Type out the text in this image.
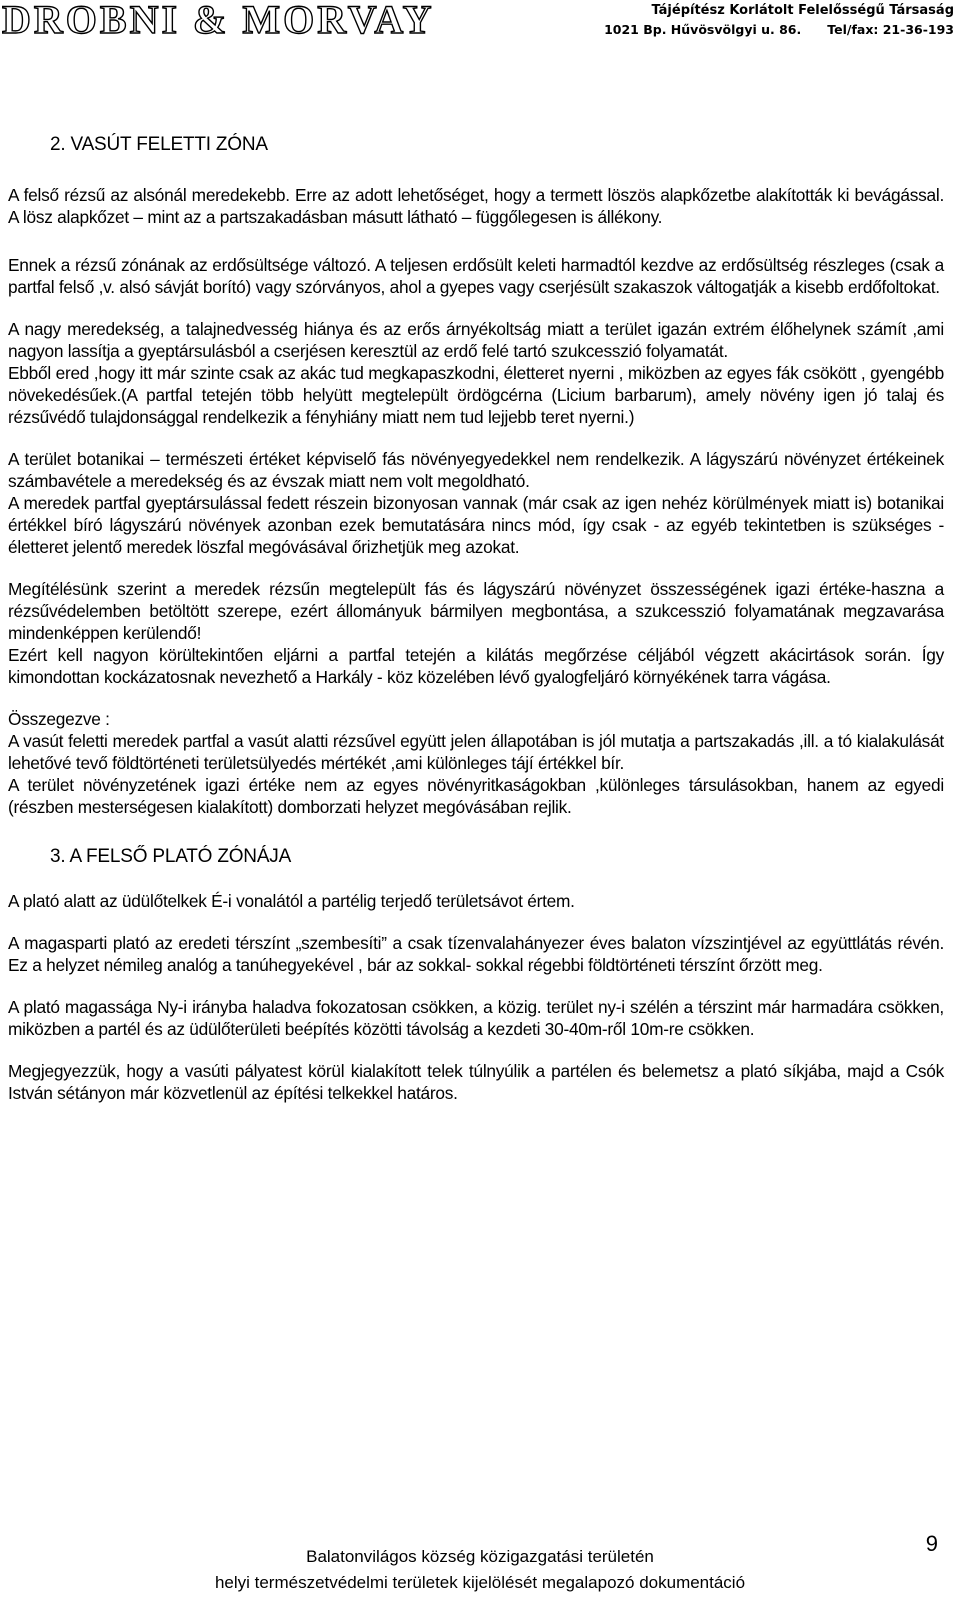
DROBNI & MORVAY	Tájépítész Korlátolt Felelősségű Társaság
1021 Bp. Hűvösvölgyi u. 86. Tel/fax: 21-36-193
2. VASÚT FELETTI ZÓNA

A felső rézsű az alsónál meredekebb. Erre az adott lehetőséget, hogy a termett löszös alapkőzetbe alakították ki bevágással. A lösz alapkőzet – mint az a partszakadásban másutt látható – függőlegesen is állékony.

Ennek a rézsű zónának az erdősültsége változó. A teljesen erdősült keleti harmadtól kezdve az erdősültség részleges (csak a partfal felső ,v. alsó sávját borító) vagy szórványos, ahol a gyepes vagy cserjésült szakaszok váltogatják a kisebb erdőfoltokat.

A nagy meredekség, a talajnedvesség hiánya és az erős árnyékoltság miatt a terület igazán extrém élőhelynek számít ,ami nagyon lassítja a gyeptársulásból a cserjésen keresztül az erdő felé tartó szukcesszió folyamatát.

Ebből ered ,hogy itt már szinte csak az akác tud megkapaszkodni, életteret nyerni , miközben az egyes fák csökött , gyengébb növekedésűek.(A partfal tetején több helyütt megtelepült ördögcérna (Licium barbarum), amely növény igen jó talaj és rézsűvédő tulajdonsággal rendelkezik a fényhiány miatt nem tud lejjebb teret nyerni.)

A terület botanikai – természeti értéket képviselő fás növényegyedekkel nem rendelkezik. A lágyszárú növényzet értékeinek számbavétele a meredekség és az évszak miatt nem volt megoldható.

A meredek partfal gyeptársulással fedett részein bizonyosan vannak (már csak az igen nehéz körülmények miatt is) botanikai értékkel bíró lágyszárú növények azonban ezek bemutatására nincs mód, így csak - az egyéb tekintetben is szükséges - életteret jelentő meredek löszfal megóvásával őrizhetjük meg azokat.

Megítélésünk szerint a meredek rézsűn megtelepült fás és lágyszárú növényzet összességének igazi értéke-haszna a rézsűvédelemben betöltött szerepe, ezért állományuk bármilyen megbontása, a szukcesszió folyamatának megzavarása mindenképpen kerülendő!

Ezért kell nagyon körültekintően eljárni a partfal tetején a kilátás megőrzése céljából végzett akácirtások során. Így kimondottan kockázatosnak nevezhető a Harkály - köz közelében lévő gyalogfeljáró környékének tarra vágása.

Összegezve :

A vasút feletti meredek partfal a vasút alatti rézsűvel együtt jelen állapotában is jól mutatja a partszakadás ,ill. a tó kialakulását lehetővé tevő földtörténeti területsülyedés mértékét ,ami különleges tájí értékkel bír.

A terület növényzetének igazi értéke nem az egyes növényritkaságokban ,különleges társulásokban, hanem az egyedi (részben mesterségesen kialakított) domborzati helyzet megóvásában rejlik.

3. A FELSŐ PLATÓ ZÓNÁJA

A plató alatt az üdülőtelkek É-i vonalától a partélig terjedő területsávot értem.

A magasparti plató az eredeti térszínt „szembesíti” a csak tízenvalahányezer éves balaton vízszintjével az együttlátás révén. Ez a helyzet némileg analóg a tanúhegyekével , bár az sokkal- sokkal régebbi földtörténeti térszínt őrzött meg.

A plató magassága Ny-i irányba haladva fokozatosan csökken, a közig. terület ny-i szélén a térszint már harmadára csökken, miközben a partél és az üdülőterületi beépítés közötti távolság a kezdeti 30-40m-ről 10m-re csökken.

Megjegyezzük, hogy a vasúti pályatest körül kialakított telek túlnyúlik a partélen és belemetsz a plató síkjába, majd a Csók István sétányon már közvetlenül az építési telkekkel határos.

Balatonvilágos község közigazgatási területén
helyi természetvédelmi területek kijelölését megalapozó dokumentáció
9
